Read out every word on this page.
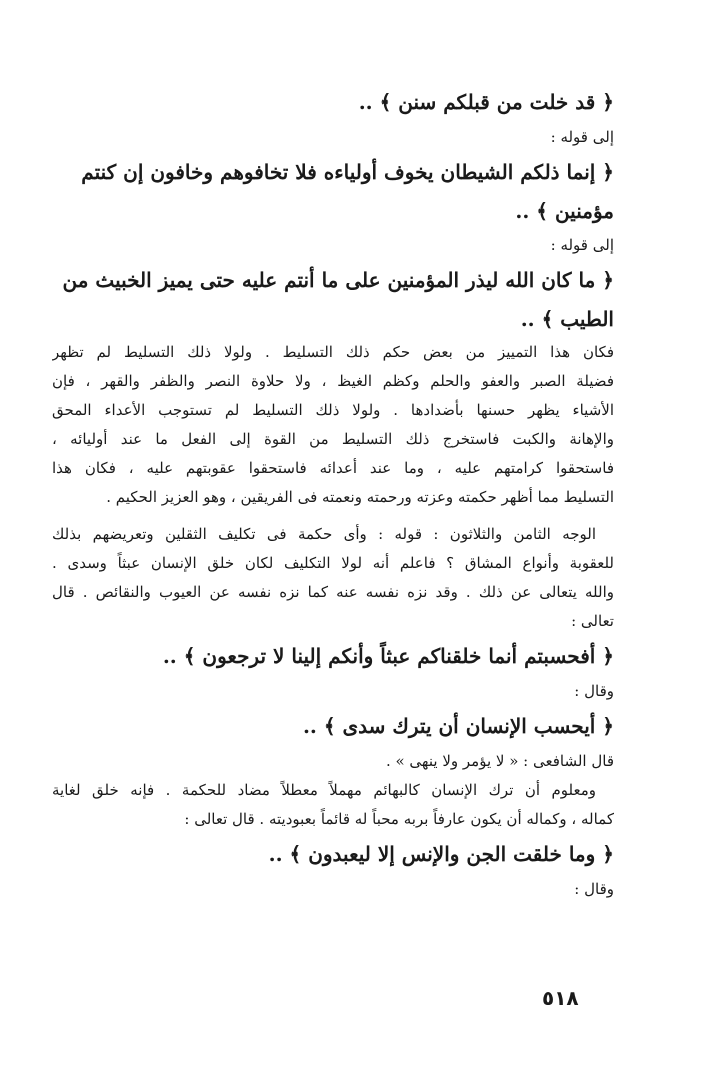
﴿ قد خلت من قبلكم سنن ﴾ ..
إلى قوله :
﴿ إنما ذلكم الشيطان يخوف أولياءه فلا تخافوهم وخافون إن كنتم
مؤمنين ﴾ ..
إلى قوله :
﴿ ما كان الله ليذر المؤمنين على ما أنتم عليه حتى يميز الخبيث من
الطيب ﴾ ..
فكان هذا التمييز من بعض حكم ذلك التسليط . ولولا ذلك التسليط لم تظهر
فضيلة الصبر والعفو والحلم وكظم الغيظ ، ولا حلاوة النصر والظفر والقهر ، فإن
الأشياء يظهر حسنها بأضدادها . ولولا ذلك التسليط لم تستوجب الأعداء المحق
والإهانة والكبت فاستخرج ذلك التسليط من القوة إلى الفعل ما عند أوليائه ،
فاستحقوا كرامتهم عليه ، وما عند أعدائه فاستحقوا عقوبتهم عليه ، فكان هذا
التسليط مما أظهر حكمته وعزته ورحمته ونعمته فى الفريقين ، وهو العزيز الحكيم .
الوجه الثامن والثلاثون : قوله : وأى حكمة فى تكليف الثقلين وتعريضهم بذلك
للعقوبة وأنواع المشاق ؟ فاعلم أنه لولا التكليف لكان خلق الإنسان عبثاً وسدى .
والله يتعالى عن ذلك . وقد نزه نفسه عنه كما نزه نفسه عن العيوب والنقائص . قال
تعالى :
﴿ أفحسبتم أنما خلقناكم عبثاً وأنكم إلينا لا ترجعون ﴾ ..
وقال :
﴿ أيحسب الإنسان أن يترك سدى ﴾ ..
قال الشافعى : « لا يؤمر ولا ينهى » .
ومعلوم أن ترك الإنسان كالبهائم مهملاً معطلاً مضاد للحكمة . فإنه خلق لغاية
كماله ، وكماله أن يكون عارفاً بربه محباً له قائماً بعبوديته . قال تعالى :
﴿ وما خلقت الجن والإنس إلا ليعبدون ﴾ ..
وقال :
٥١٨
